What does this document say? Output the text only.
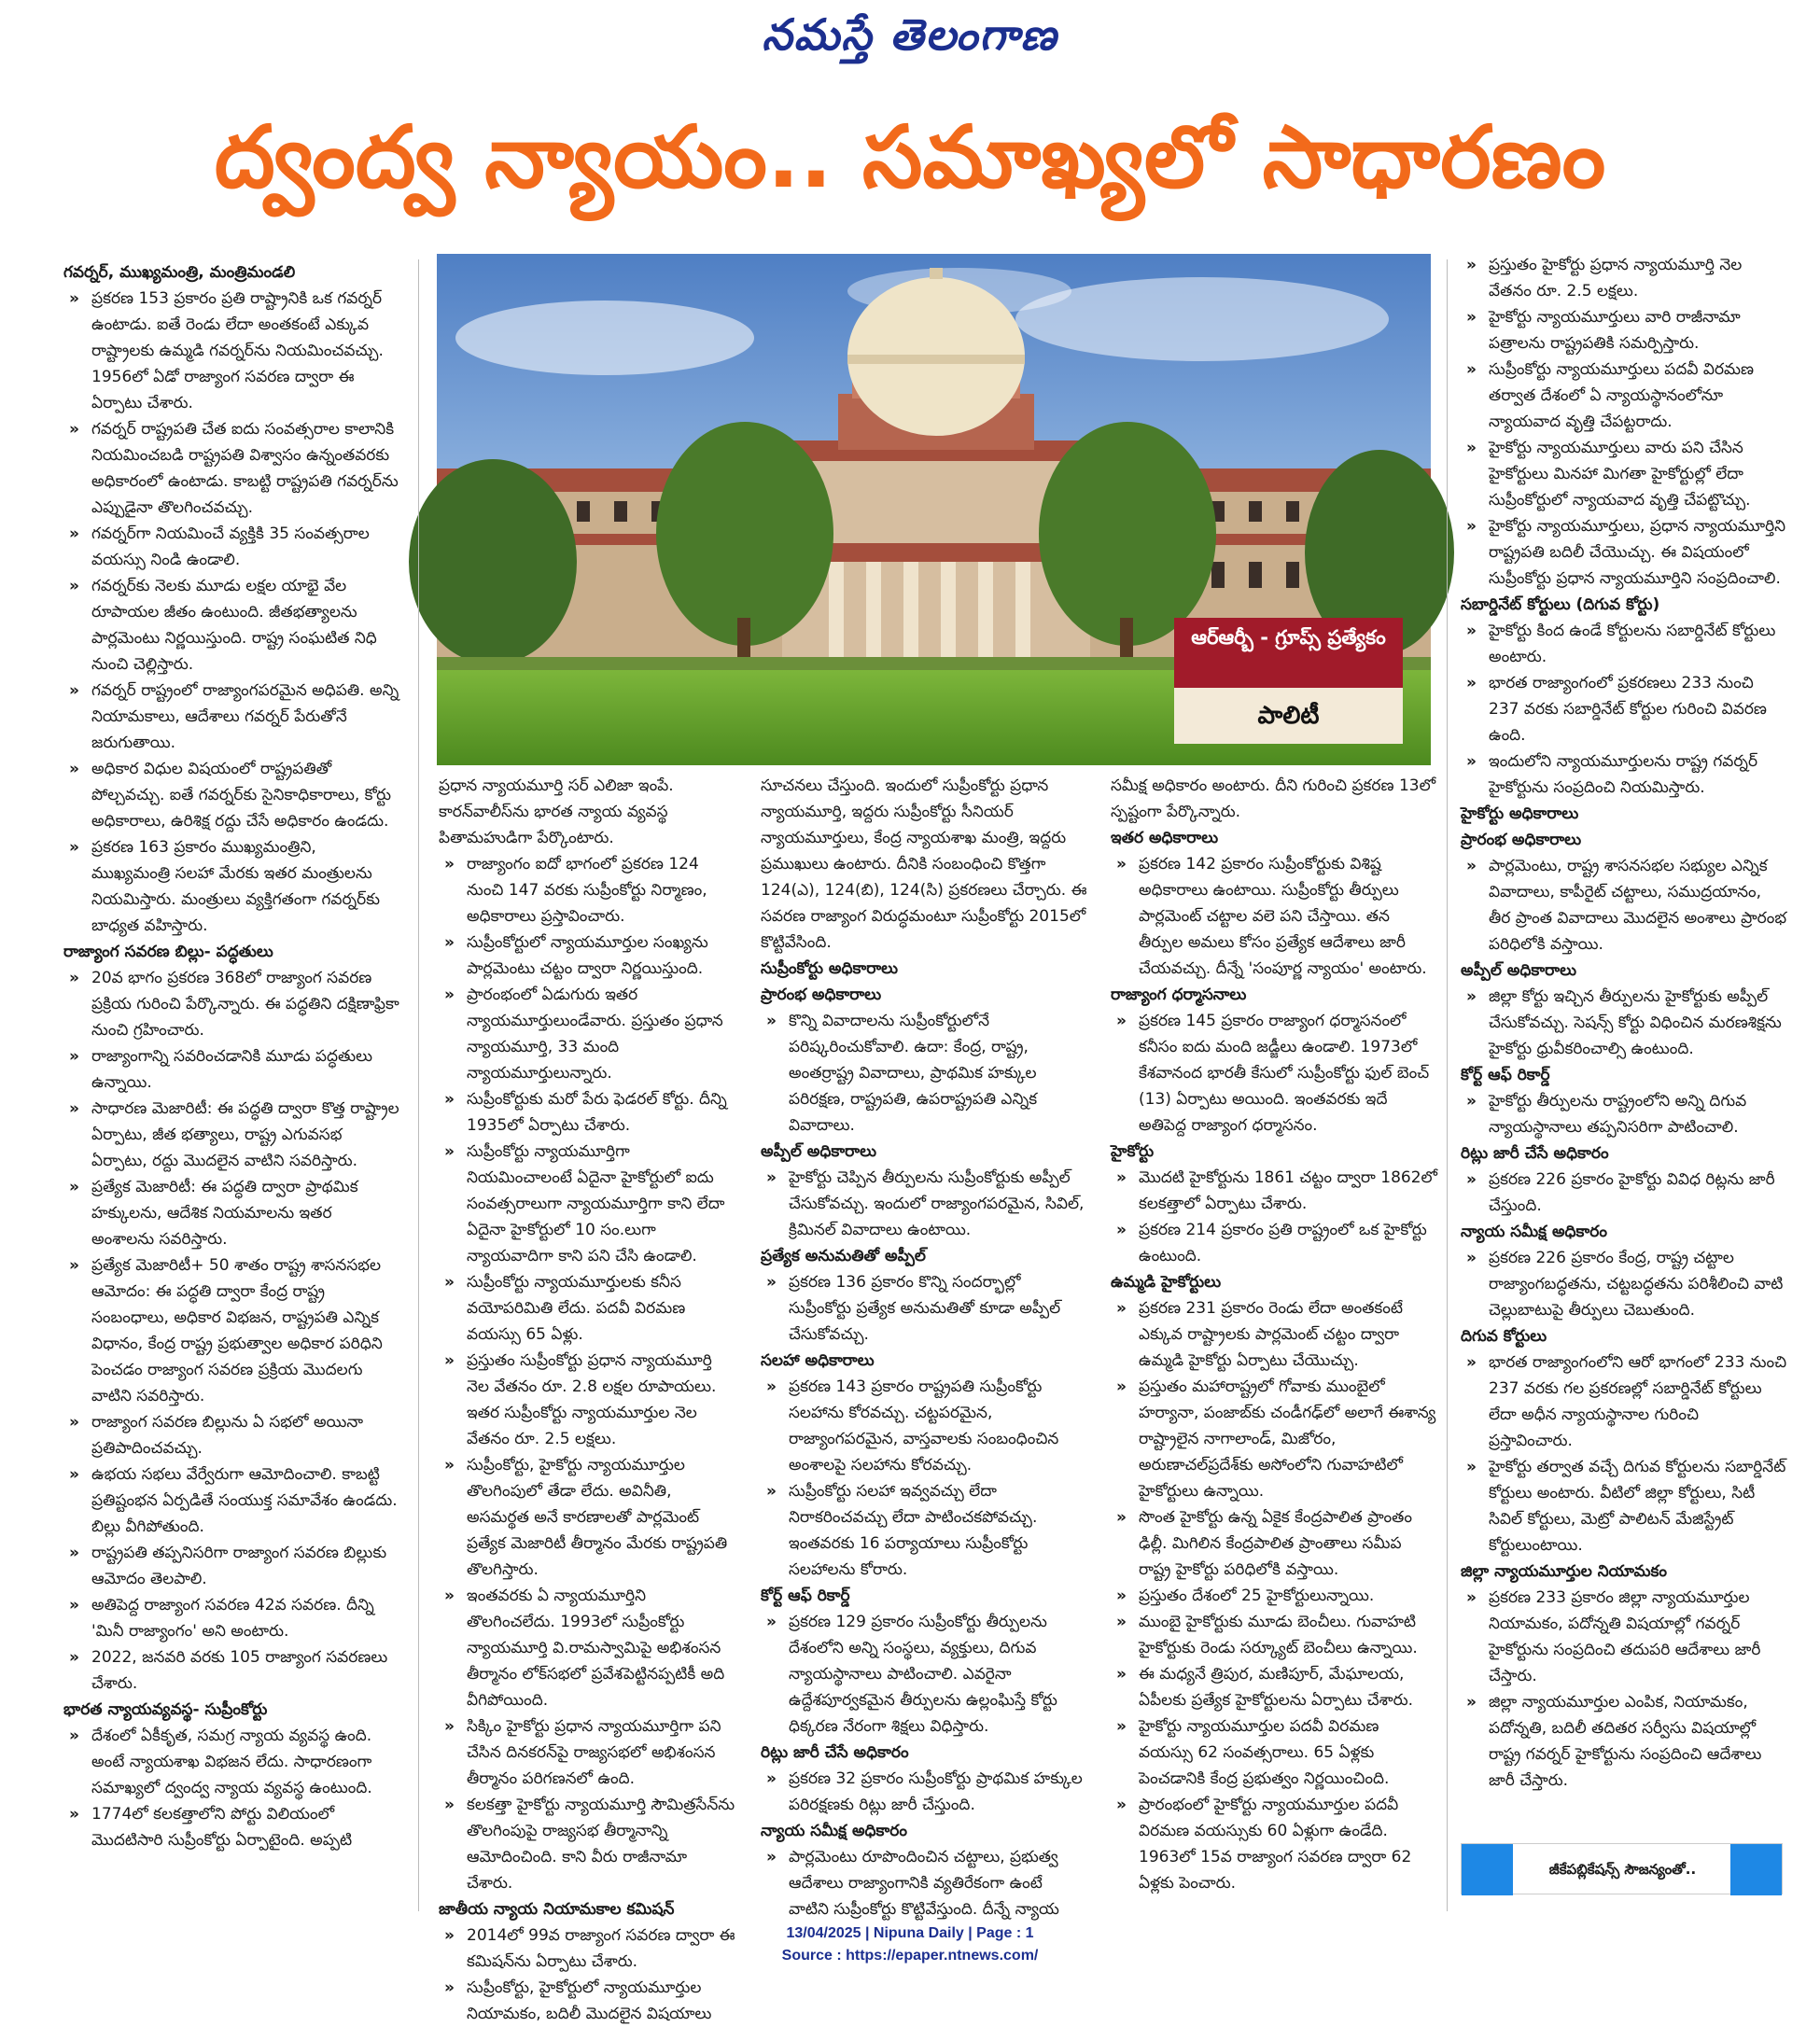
నమస్తే తెలంగాణ
ద్వంద్వ న్యాయం.. సమాఖ్యలో సాధారణం
గవర్నర్, ముఖ్యమంత్రి, మంత్రిమండలి
» ప్రకరణ 153 ప్రకారం ప్రతి రాష్ట్రానికి ఒక గవర్నర్ ఉంటాడు. ఐతే రెండు లేదా అంతకంటే ఎక్కువ రాష్ట్రాలకు ఉమ్మడి గవర్నర్‌ను నియమించవచ్చు. 1956లో ఏడో రాజ్యాంగ సవరణ ద్వారా ఈ ఏర్పాటు చేశారు.
» గవర్నర్ రాష్ట్రపతి చేత ఐదు సంవత్సరాల కాలానికి నియమించబడి రాష్ట్రపతి విశ్వాసం ఉన్నంతవరకు అధికారంలో ఉంటాడు. కాబట్టి రాష్ట్రపతి గవర్నర్‌ను ఎప్పుడైనా తొలగించవచ్చు.
» గవర్నర్‌గా నియమించే వ్యక్తికి 35 సంవత్సరాల వయస్సు నిండి ఉండాలి.
» గవర్నర్‌కు నెలకు మూడు లక్షల యాభై వేల రూపాయల జీతం ఉంటుంది. జీతభత్యాలను పార్లమెంటు నిర్ణయిస్తుంది. రాష్ట్ర సంఘటిత నిధి నుంచి చెల్లిస్తారు.
» గవర్నర్ రాష్ట్రంలో రాజ్యాంగపరమైన అధిపతి. అన్ని నియామకాలు, ఆదేశాలు గవర్నర్ పేరుతోనే జరుగుతాయి.
» అధికార విధుల విషయంలో రాష్ట్రపతితో పోల్చవచ్చు. ఐతే గవర్నర్‌కు సైనికాధికారాలు, కోర్టు అధికారాలు, ఉరిశిక్ష రద్దు చేసే అధికారం ఉండదు.
» ప్రకరణ 163 ప్రకారం ముఖ్యమంత్రిని, ముఖ్యమంత్రి సలహా మేరకు ఇతర మంత్రులను నియమిస్తారు. మంత్రులు వ్యక్తిగతంగా గవర్నర్‌కు బాధ్యత వహిస్తారు.
రాజ్యాంగ సవరణ బిల్లు- పద్ధతులు
» 20వ భాగం ప్రకరణ 368లో రాజ్యాంగ సవరణ ప్రక్రియ గురించి పేర్కొన్నారు. ఈ పద్ధతిని దక్షిణాఫ్రికా నుంచి గ్రహించారు.
» రాజ్యాంగాన్ని సవరించడానికి మూడు పద్ధతులు ఉన్నాయి.
» సాధారణ మెజారిటీ: ఈ పద్ధతి ద్వారా కొత్త రాష్ట్రాల ఏర్పాటు, జీత భత్యాలు, రాష్ట్ర ఎగువసభ ఏర్పాటు, రద్దు మొదలైన వాటిని సవరిస్తారు.
» ప్రత్యేక మెజారిటీ: ఈ పద్ధతి ద్వారా ప్రాథమిక హక్కులను, ఆదేశిక నియమాలను ఇతర అంశాలను సవరిస్తారు.
» ప్రత్యేక మెజారిటీ+ 50 శాతం రాష్ట్ర శాసనసభల ఆమోదం: ఈ పద్ధతి ద్వారా కేంద్ర రాష్ట్ర సంబంధాలు, అధికార విభజన, రాష్ట్రపతి ఎన్నిక విధానం, కేంద్ర రాష్ట్ర ప్రభుత్వాల అధికార పరిధిని పెంచడం రాజ్యాంగ సవరణ ప్రక్రియ మొదలగు వాటిని సవరిస్తారు.
» రాజ్యాంగ సవరణ బిల్లును ఏ సభలో అయినా ప్రతిపాదించవచ్చు.
» ఉభయ సభలు వేర్వేరుగా ఆమోదించాలి. కాబట్టి ప్రతిష్టంభన ఏర్పడితే సంయుక్త సమావేశం ఉండదు. బిల్లు వీగిపోతుంది.
» రాష్ట్రపతి తప్పనిసరిగా రాజ్యాంగ సవరణ బిల్లుకు ఆమోదం తెలపాలి.
» అతిపెద్ద రాజ్యాంగ సవరణ 42వ సవరణ. దీన్ని 'మినీ రాజ్యాంగం' అని అంటారు.
» 2022, జనవరి వరకు 105 రాజ్యాంగ సవరణలు చేశారు.
భారత న్యాయవ్యవస్థ- సుప్రీంకోర్టు
» దేశంలో ఏకీకృత, సమగ్ర న్యాయ వ్యవస్థ ఉంది. అంటే న్యాయశాఖ విభజన లేదు. సాధారణంగా సమాఖ్యలో ద్వంద్వ న్యాయ వ్యవస్థ ఉంటుంది.
» 1774లో కలకత్తాలోని పోర్టు విలియంలో మొదటిసారి సుప్రీంకోర్టు ఏర్పాటైంది. అప్పటి
ఆర్ఆర్బీ - గ్రూప్స్ ప్రత్యేకం
పాలిటీ
ప్రధాన న్యాయమూర్తి సర్ ఎలిజా ఇంపే. కారన్‌వాలీస్‌ను భారత న్యాయ వ్యవస్థ పితామహుడిగా పేర్కొంటారు.
» రాజ్యాంగం ఐదో భాగంలో ప్రకరణ 124 నుంచి 147 వరకు సుప్రీంకోర్టు నిర్మాణం, అధికారాలు ప్రస్తావించారు.
» సుప్రీంకోర్టులో న్యాయమూర్తుల సంఖ్యను పార్లమెంటు చట్టం ద్వారా నిర్ణయిస్తుంది.
» ప్రారంభంలో ఏడుగురు ఇతర న్యాయమూర్తులుండేవారు. ప్రస్తుతం ప్రధాన న్యాయమూర్తి, 33 మంది న్యాయమూర్తులున్నారు.
» సుప్రీంకోర్టుకు మరో పేరు ఫెడరల్ కోర్టు. దీన్ని 1935లో ఏర్పాటు చేశారు.
» సుప్రీంకోర్టు న్యాయమూర్తిగా నియమించాలంటే ఏదైనా హైకోర్టులో ఐదు సంవత్సరాలుగా న్యాయమూర్తిగా కాని లేదా ఏదైనా హైకోర్టులో 10 సం.లుగా న్యాయవాదిగా కాని పని చేసి ఉండాలి.
» సుప్రీంకోర్టు న్యాయమూర్తులకు కనీస వయోపరిమితి లేదు. పదవీ విరమణ వయస్సు 65 ఏళ్లు.
» ప్రస్తుతం సుప్రీంకోర్టు ప్రధాన న్యాయమూర్తి నెల వేతనం రూ. 2.8 లక్షల రూపాయలు. ఇతర సుప్రీంకోర్టు న్యాయమూర్తుల నెల వేతనం రూ. 2.5 లక్షలు.
» సుప్రీంకోర్టు, హైకోర్టు న్యాయమూర్తుల తొలగింపులో తేడా లేదు. అవినీతి, అసమర్థత అనే కారణాలతో పార్లమెంట్ ప్రత్యేక మెజారిటీ తీర్మానం మేరకు రాష్ట్రపతి తొలగిస్తారు.
» ఇంతవరకు ఏ న్యాయమూర్తిని తొలగించలేదు. 1993లో సుప్రీంకోర్టు న్యాయమూర్తి వి.రామస్వామిపై అభిశంసన తీర్మానం లోక్‌సభలో ప్రవేశపెట్టినప్పటికీ అది వీగిపోయింది.
» సిక్కిం హైకోర్టు ప్రధాన న్యాయమూర్తిగా పని చేసిన దినకరన్‌పై రాజ్యసభలో అభిశంసన తీర్మానం పరిగణనలో ఉంది.
» కలకత్తా హైకోర్టు న్యాయమూర్తి సౌమిత్రసేన్‌ను తొలగింపుపై రాజ్యసభ తీర్మానాన్ని ఆమోదించింది. కాని వీరు రాజీనామా చేశారు.
జాతీయ న్యాయ నియామకాల కమిషన్
» 2014లో 99వ రాజ్యాంగ సవరణ ద్వారా ఈ కమిషన్‌ను ఏర్పాటు చేశారు.
» సుప్రీంకోర్టు, హైకోర్టులో న్యాయమూర్తుల నియామకం, బదిలీ మొదలైన విషయాలు
సూచనలు చేస్తుంది. ఇందులో సుప్రీంకోర్టు ప్రధాన న్యాయమూర్తి, ఇద్దరు సుప్రీంకోర్టు సీనియర్ న్యాయమూర్తులు, కేంద్ర న్యాయశాఖ మంత్రి, ఇద్దరు ప్రముఖులు ఉంటారు. దీనికి సంబంధించి కొత్తగా 124(ఎ), 124(బి), 124(సి) ప్రకరణలు చేర్చారు. ఈ సవరణ రాజ్యాంగ విరుద్ధమంటూ సుప్రీంకోర్టు 2015లో కొట్టివేసింది.
సుప్రీంకోర్టు అధికారాలు
ప్రారంభ అధికారాలు
» కొన్ని వివాదాలను సుప్రీంకోర్టులోనే పరిష్కరించుకోవాలి. ఉదా: కేంద్ర, రాష్ట్ర, అంతర్రాష్ట్ర వివాదాలు, ప్రాథమిక హక్కుల పరిరక్షణ, రాష్ట్రపతి, ఉపరాష్ట్రపతి ఎన్నిక వివాదాలు.
అప్పీల్ అధికారాలు
» హైకోర్టు చెప్పిన తీర్పులను సుప్రీంకోర్టుకు అప్పీల్ చేసుకోవచ్చు. ఇందులో రాజ్యాంగపరమైన, సివిల్, క్రిమినల్ వివాదాలు ఉంటాయి.
ప్రత్యేక అనుమతితో అప్పీల్
» ప్రకరణ 136 ప్రకారం కొన్ని సందర్భాల్లో సుప్రీంకోర్టు ప్రత్యేక అనుమతితో కూడా అప్పీల్ చేసుకోవచ్చు.
సలహా అధికారాలు
» ప్రకరణ 143 ప్రకారం రాష్ట్రపతి సుప్రీంకోర్టు సలహాను కోరవచ్చు. చట్టపరమైన, రాజ్యాంగపరమైన, వాస్తవాలకు సంబంధించిన అంశాలపై సలహాను కోరవచ్చు.
» సుప్రీంకోర్టు సలహా ఇవ్వవచ్చు లేదా నిరాకరించవచ్చు లేదా పాటించకపోవచ్చు. ఇంతవరకు 16 పర్యాయాలు సుప్రీంకోర్టు సలహాలను కోరారు.
కోర్ట్ ఆఫ్ రికార్డ్
» ప్రకరణ 129 ప్రకారం సుప్రీంకోర్టు తీర్పులను దేశంలోని అన్ని సంస్థలు, వ్యక్తులు, దిగువ న్యాయస్థానాలు పాటించాలి. ఎవరైనా ఉద్దేశపూర్వకమైన తీర్పులను ఉల్లంఘిస్తే కోర్టు ధిక్కరణ నేరంగా శిక్షలు విధిస్తారు.
రిట్లు జారీ చేసే అధికారం
» ప్రకరణ 32 ప్రకారం సుప్రీంకోర్టు ప్రాథమిక హక్కుల పరిరక్షణకు రిట్లు జారీ చేస్తుంది.
న్యాయ సమీక్ష అధికారం
» పార్లమెంటు రూపొందించిన చట్టాలు, ప్రభుత్వ ఆదేశాలు రాజ్యాంగానికి వ్యతిరేకంగా ఉంటే వాటిని సుప్రీంకోర్టు కొట్టివేస్తుంది. దీన్నే న్యాయ
సమీక్ష అధికారం అంటారు. దీని గురించి ప్రకరణ 13లో స్పష్టంగా పేర్కొన్నారు.
ఇతర అధికారాలు
» ప్రకరణ 142 ప్రకారం సుప్రీంకోర్టుకు విశిష్ట అధికారాలు ఉంటాయి. సుప్రీంకోర్టు తీర్పులు పార్లమెంట్ చట్టాల వలె పని చేస్తాయి. తన తీర్పుల అమలు కోసం ప్రత్యేక ఆదేశాలు జారీ చేయవచ్చు. దీన్నే 'సంపూర్ణ న్యాయం' అంటారు.
రాజ్యాంగ ధర్మాసనాలు
» ప్రకరణ 145 ప్రకారం రాజ్యాంగ ధర్మాసనంలో కనీసం ఐదు మంది జడ్జీలు ఉండాలి. 1973లో కేశవానంద భారతీ కేసులో సుప్రీంకోర్టు ఫుల్ బెంచ్ (13) ఏర్పాటు అయింది. ఇంతవరకు ఇదే అతిపెద్ద రాజ్యాంగ ధర్మాసనం.
హైకోర్టు
» మొదటి హైకోర్టును 1861 చట్టం ద్వారా 1862లో కలకత్తాలో ఏర్పాటు చేశారు.
» ప్రకరణ 214 ప్రకారం ప్రతి రాష్ట్రంలో ఒక హైకోర్టు ఉంటుంది.
ఉమ్మడి హైకోర్టులు
» ప్రకరణ 231 ప్రకారం రెండు లేదా అంతకంటే ఎక్కువ రాష్ట్రాలకు పార్లమెంట్ చట్టం ద్వారా ఉమ్మడి హైకోర్టు ఏర్పాటు చేయొచ్చు.
» ప్రస్తుతం మహారాష్ట్రలో గోవాకు ముంబైలో హర్యానా, పంజాబ్‌కు చండీగఢ్‌లో అలాగే ఈశాన్య రాష్ట్రాలైన నాగాలాండ్, మిజోరం, అరుణాచల్‌ప్రదేశ్‌కు అసోంలోని గువాహటిలో హైకోర్టులు ఉన్నాయి.
» సొంత హైకోర్టు ఉన్న ఏకైక కేంద్రపాలిత ప్రాంతం ఢిల్లీ. మిగిలిన కేంద్రపాలిత ప్రాంతాలు సమీప రాష్ట్ర హైకోర్టు పరిధిలోకి వస్తాయి.
» ప్రస్తుతం దేశంలో 25 హైకోర్టులున్నాయి.
» ముంబై హైకోర్టుకు మూడు బెంచీలు. గువాహటి హైకోర్టుకు రెండు సర్క్యూట్ బెంచీలు ఉన్నాయి.
» ఈ మధ్యనే త్రిపుర, మణిపూర్, మేఘాలయ, ఏపీలకు ప్రత్యేక హైకోర్టులను ఏర్పాటు చేశారు.
» హైకోర్టు న్యాయమూర్తుల పదవీ విరమణ వయస్సు 62 సంవత్సరాలు. 65 ఏళ్లకు పెంచడానికి కేంద్ర ప్రభుత్వం నిర్ణయించింది.
» ప్రారంభంలో హైకోర్టు న్యాయమూర్తుల పదవీ విరమణ వయస్సుకు 60 ఏళ్లుగా ఉండేది. 1963లో 15వ రాజ్యాంగ సవరణ ద్వారా 62 ఏళ్లకు పెంచారు.
» ప్రస్తుతం హైకోర్టు ప్రధాన న్యాయమూర్తి నెల వేతనం రూ. 2.5 లక్షలు.
» హైకోర్టు న్యాయమూర్తులు వారి రాజీనామా పత్రాలను రాష్ట్రపతికి సమర్పిస్తారు.
» సుప్రీంకోర్టు న్యాయమూర్తులు పదవీ విరమణ తర్వాత దేశంలో ఏ న్యాయస్థానంలోనూ న్యాయవాద వృత్తి చేపట్టరాదు.
» హైకోర్టు న్యాయమూర్తులు వారు పని చేసిన హైకోర్టులు మినహా మిగతా హైకోర్టుల్లో లేదా సుప్రీంకోర్టులో న్యాయవాద వృత్తి చేపట్టొచ్చు.
» హైకోర్టు న్యాయమూర్తులు, ప్రధాన న్యాయమూర్తిని రాష్ట్రపతి బదిలీ చేయొచ్చు. ఈ విషయంలో సుప్రీంకోర్టు ప్రధాన న్యాయమూర్తిని సంప్రదించాలి.
సబార్డినేట్ కోర్టులు (దిగువ కోర్టు)
» హైకోర్టు కింద ఉండే కోర్టులను సబార్డినేట్ కోర్టులు అంటారు.
» భారత రాజ్యాంగంలో ప్రకరణలు 233 నుంచి 237 వరకు సబార్డినేట్ కోర్టుల గురించి వివరణ ఉంది.
» ఇందులోని న్యాయమూర్తులను రాష్ట్ర గవర్నర్ హైకోర్టును సంప్రదించి నియమిస్తారు.
హైకోర్టు అధికారాలు
ప్రారంభ అధికారాలు
» పార్లమెంటు, రాష్ట్ర శాసనసభల సభ్యుల ఎన్నిక వివాదాలు, కాపీరైట్ చట్టాలు, సముద్రయానం, తీర ప్రాంత వివాదాలు మొదలైన అంశాలు ప్రారంభ పరిధిలోకి వస్తాయి.
అప్పీల్ అధికారాలు
» జిల్లా కోర్టు ఇచ్చిన తీర్పులను హైకోర్టుకు అప్పీల్ చేసుకోవచ్చు. సెషన్స్ కోర్టు విధించిన మరణశిక్షను హైకోర్టు ధ్రువీకరించాల్సి ఉంటుంది.
కోర్ట్ ఆఫ్ రికార్డ్
» హైకోర్టు తీర్పులను రాష్ట్రంలోని అన్ని దిగువ న్యాయస్థానాలు తప్పనిసరిగా పాటించాలి.
రిట్లు జారీ చేసే అధికారం
» ప్రకరణ 226 ప్రకారం హైకోర్టు వివిధ రిట్లను జారీ చేస్తుంది.
న్యాయ సమీక్ష అధికారం
» ప్రకరణ 226 ప్రకారం కేంద్ర, రాష్ట్ర చట్టాల రాజ్యాంగబద్ధతను, చట్టబద్ధతను పరిశీలించి వాటి చెల్లుబాటుపై తీర్పులు చెబుతుంది.
దిగువ కోర్టులు
» భారత రాజ్యాంగంలోని ఆరో భాగంలో 233 నుంచి 237 వరకు గల ప్రకరణల్లో సబార్డినేట్ కోర్టులు లేదా అధీన న్యాయస్థానాల గురించి ప్రస్తావించారు.
» హైకోర్టు తర్వాత వచ్చే దిగువ కోర్టులను సబార్డినేట్ కోర్టులు అంటారు. వీటిలో జిల్లా కోర్టులు, సిటీ సివిల్ కోర్టులు, మెట్రో పాలిటన్ మేజిస్ట్రేట్ కోర్టులుంటాయి.
జిల్లా న్యాయమూర్తుల నియామకం
» ప్రకరణ 233 ప్రకారం జిల్లా న్యాయమూర్తుల నియామకం, పదోన్నతి విషయాల్లో గవర్నర్ హైకోర్టును సంప్రదించి తదుపరి ఆదేశాలు జారీ చేస్తారు.
» జిల్లా న్యాయమూర్తుల ఎంపిక, నియామకం, పదోన్నతి, బదిలీ తదితర సర్వీసు విషయాల్లో రాష్ట్ర గవర్నర్ హైకోర్టును సంప్రదించి ఆదేశాలు జారీ చేస్తారు.
జీకేపబ్లికేషన్స్ సౌజన్యంతో..
13/04/2025 | Nipuna Daily | Page : 1
Source : https://epaper.ntnews.com/
